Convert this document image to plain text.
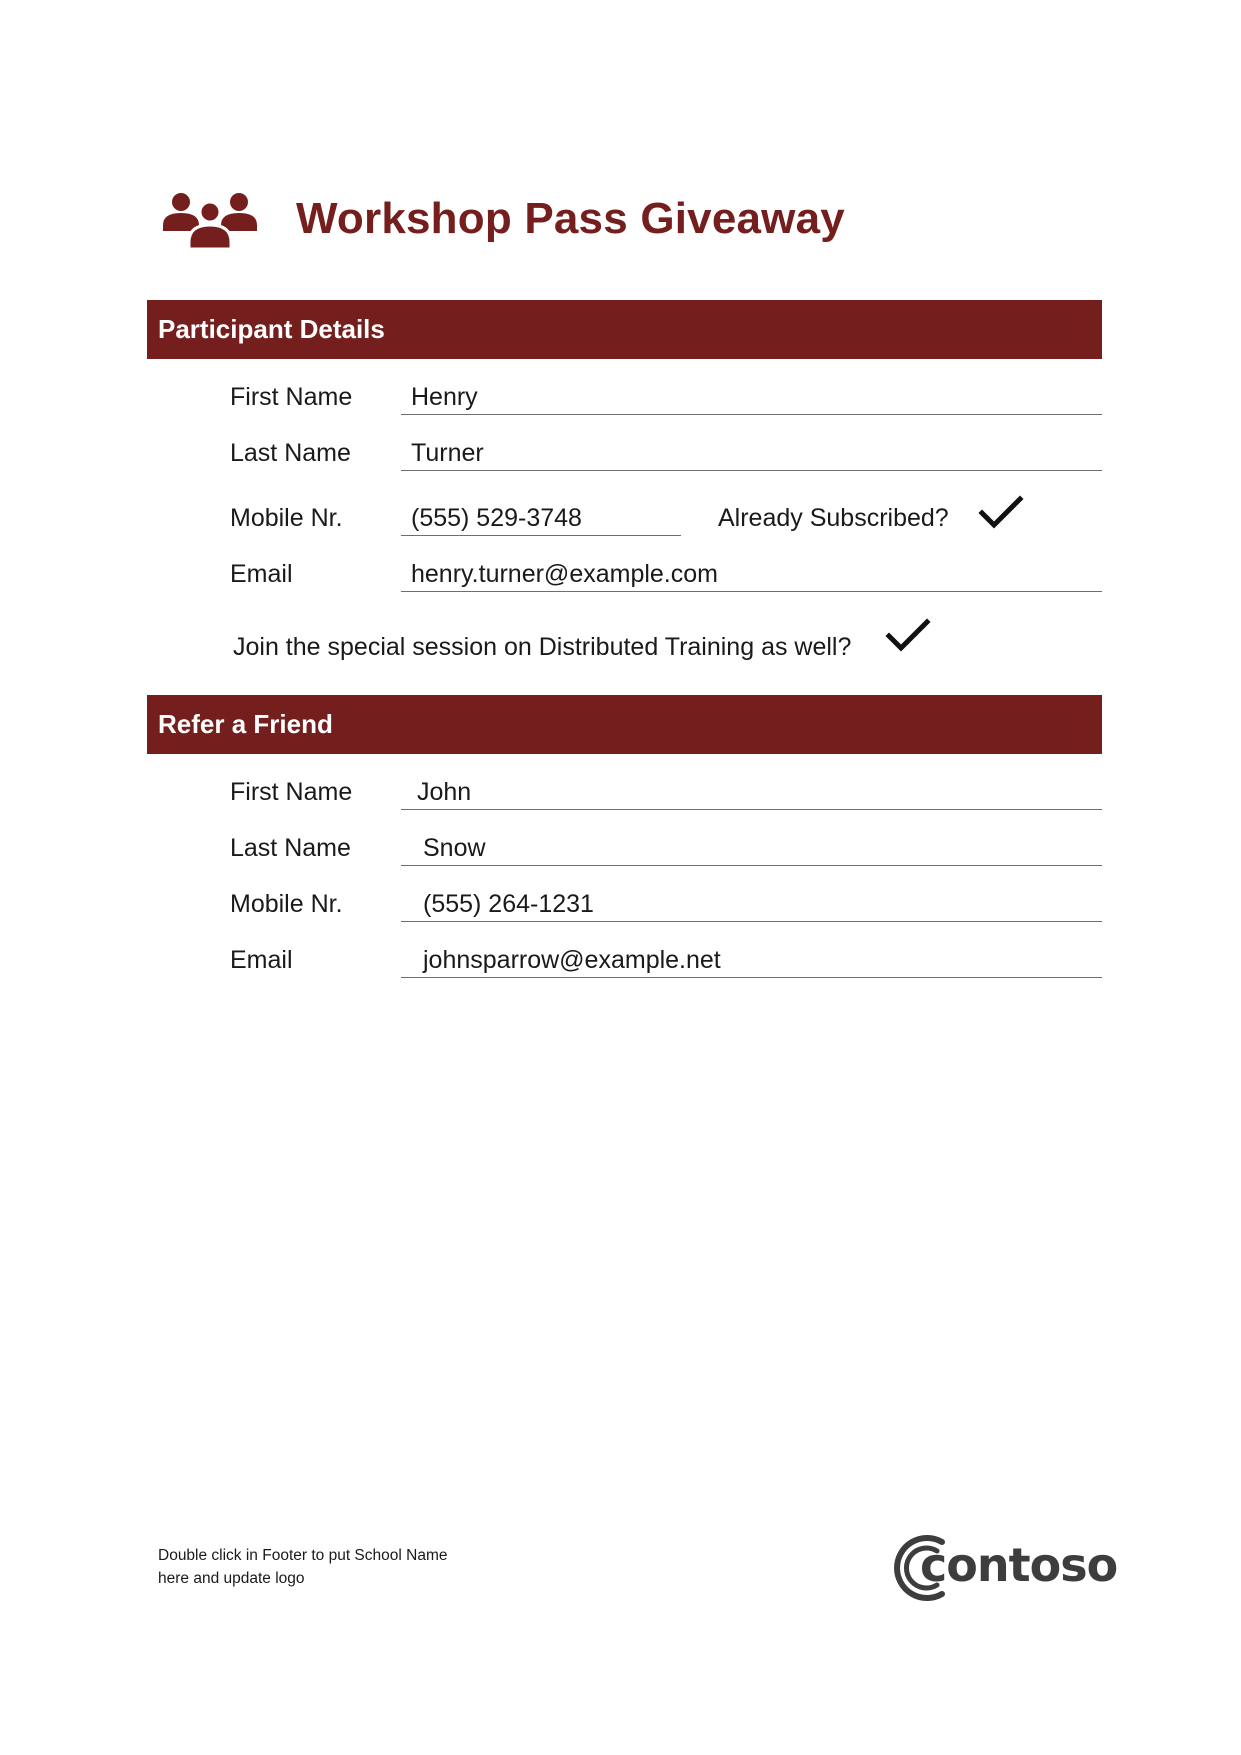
Workshop Pass Giveaway
Participant Details
First Name Henry
Last Name Turner
Mobile Nr.	(555) 529-3748	Already Subscribed?
Email	henry.turner@example.com
Join the special session on Distributed Training as well?
Refer a Friend
First Name	John
Last Name	Snow
Mobile Nr.	(555) 264-1231
Email	johnsparrow@example.net
Double click in Footer to put School Name
here and update logo	contoso
